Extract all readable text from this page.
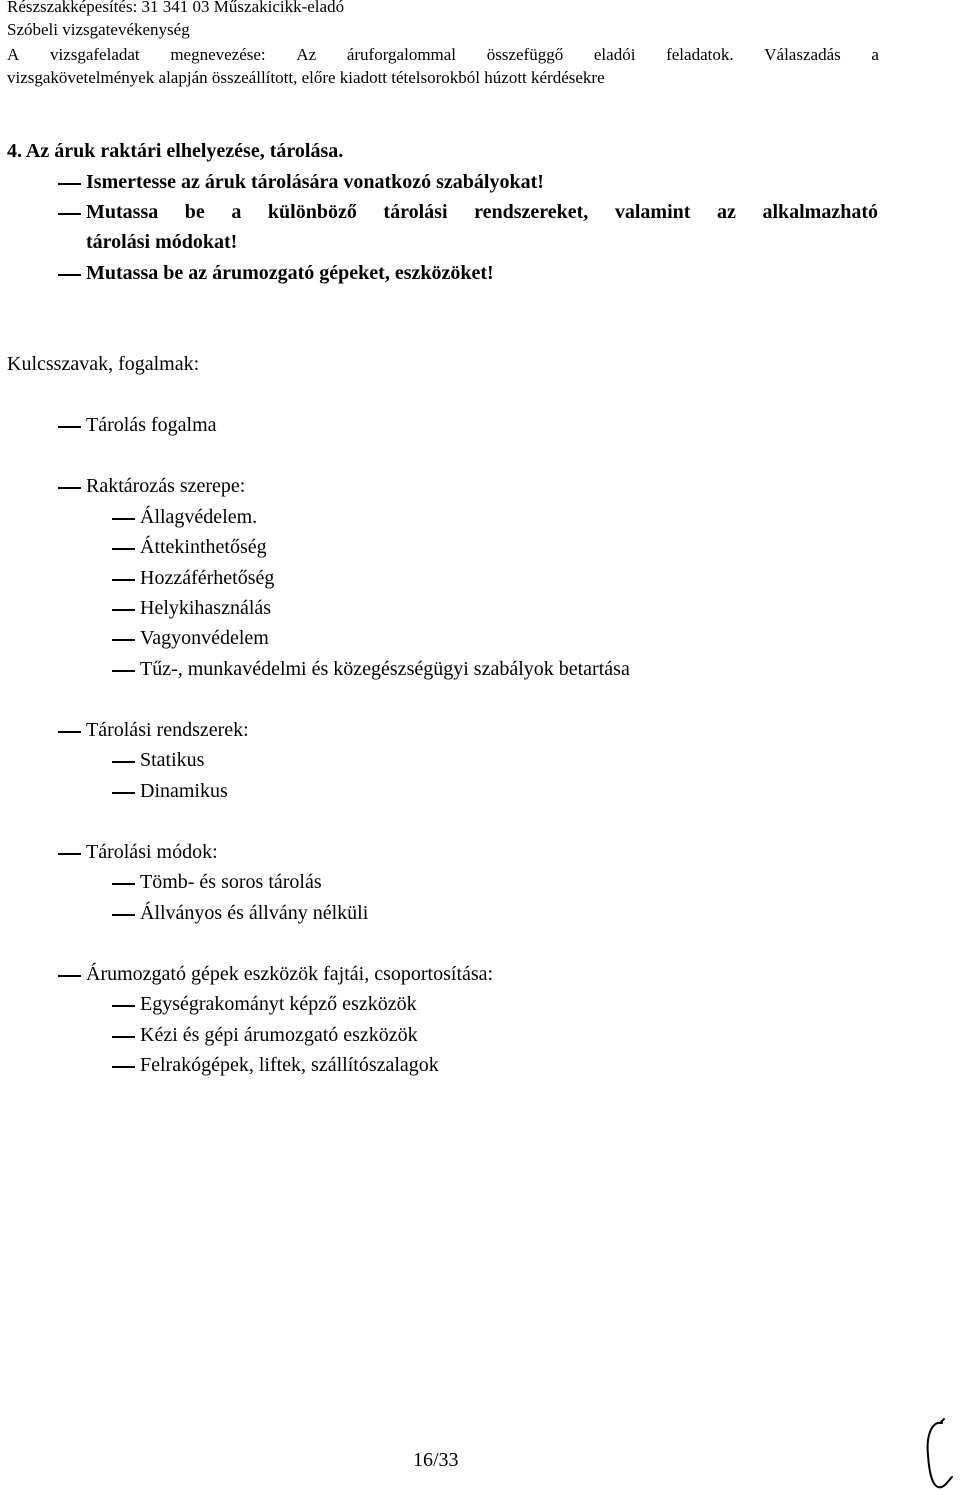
Részszakképesítés: 31 341 03 Műszakicikk-eladó
Szóbeli vizsgatevékenység
A vizsgafeladat megnevezése: Az áruforgalommal összefüggő eladói feladatok. Válaszadás a
vizsgakövetelmények alapján összeállított, előre kiadott tételsorokból húzott kérdésekre
4. Az áruk raktári elhelyezése, tárolása.
Ismertesse az áruk tárolására vonatkozó szabályokat!
Mutassa be a különböző tárolási rendszereket, valamint az alkalmazható
tárolási módokat!
Mutassa be az árumozgató gépeket, eszközöket!
Kulcsszavak, fogalmak:
Tárolás fogalma
Raktározás szerepe:
Állagvédelem.
Áttekinthetőség
Hozzáférhetőség
Helykihasználás
Vagyonvédelem
Tűz-, munkavédelmi és közegészségügyi szabályok betartása
Tárolási rendszerek:
Statikus
Dinamikus
Tárolási módok:
Tömb- és soros tárolás
Állványos és állvány nélküli
Árumozgató gépek eszközök fajtái, csoportosítása:
Egységrakományt képző eszközök
Kézi és gépi árumozgató eszközök
Felrakógépek, liftek, szállítószalagok
16/33
